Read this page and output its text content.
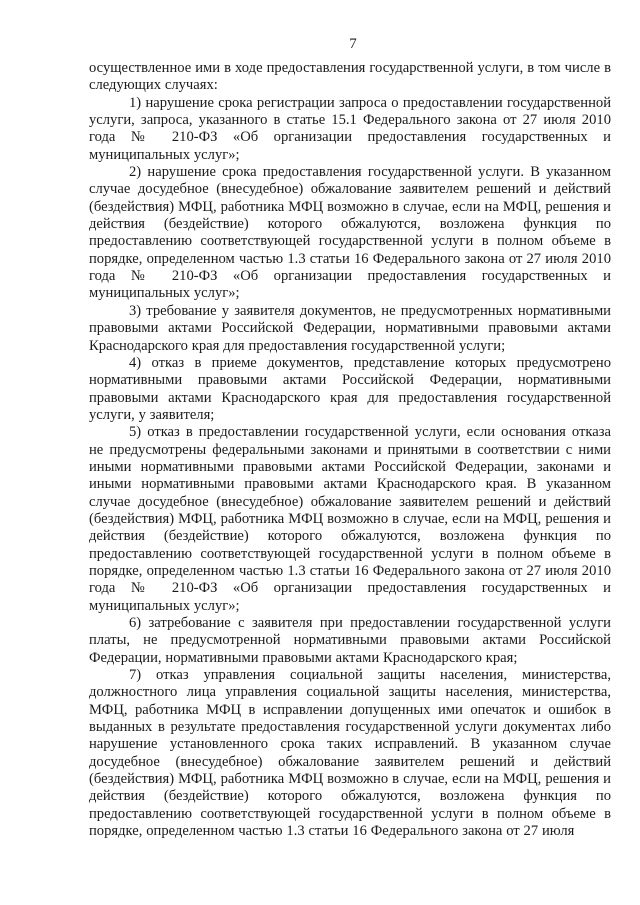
7

осуществленное ими в ходе предоставления государственной услуги, в том числе в следующих случаях:

1) нарушение срока регистрации запроса о предоставлении государственной услуги, запроса, указанного в статье 15.1 Федерального закона от 27 июля 2010 года № 210-ФЗ «Об организации предоставления государственных и муниципальных услуг»;

2) нарушение срока предоставления государственной услуги. В указанном случае досудебное (внесудебное) обжалование заявителем решений и действий (бездействия) МФЦ, работника МФЦ возможно в случае, если на МФЦ, решения и действия (бездействие) которого обжалуются, возложена функция по предоставлению соответствующей государственной услуги в полном объеме в порядке, определенном частью 1.3 статьи 16 Федерального закона от 27 июля 2010 года № 210-ФЗ «Об организации предоставления государственных и муниципальных услуг»;

3) требование у заявителя документов, не предусмотренных нормативными правовыми актами Российской Федерации, нормативными правовыми актами Краснодарского края для предоставления государственной услуги;

4) отказ в приеме документов, представление которых предусмотрено нормативными правовыми актами Российской Федерации, нормативными правовыми актами Краснодарского края для предоставления государственной услуги, у заявителя;

5) отказ в предоставлении государственной услуги, если основания отказа не предусмотрены федеральными законами и принятыми в соответствии с ними иными нормативными правовыми актами Российской Федерации, законами и иными нормативными правовыми актами Краснодарского края. В указанном случае досудебное (внесудебное) обжалование заявителем решений и действий (бездействия) МФЦ, работника МФЦ возможно в случае, если на МФЦ, решения и действия (бездействие) которого обжалуются, возложена функция по предоставлению соответствующей государственной услуги в полном объеме в порядке, определенном частью 1.3 статьи 16 Федерального закона от 27 июля 2010 года № 210-ФЗ «Об организации предоставления государственных и муниципальных услуг»;

6) затребование с заявителя при предоставлении государственной услуги платы, не предусмотренной нормативными правовыми актами Российской Федерации, нормативными правовыми актами Краснодарского края;

7) отказ управления социальной защиты населения, министерства, должностного лица управления социальной защиты населения, министерства, МФЦ, работника МФЦ в исправлении допущенных ими опечаток и ошибок в выданных в результате предоставления государственной услуги документах либо нарушение установленного срока таких исправлений. В указанном случае досудебное (внесудебное) обжалование заявителем решений и действий (бездействия) МФЦ, работника МФЦ возможно в случае, если на МФЦ, решения и действия (бездействие) которого обжалуются, возложена функция по предоставлению соответствующей государственной услуги в полном объеме в порядке, определенном частью 1.3 статьи 16 Федерального закона от 27 июля
